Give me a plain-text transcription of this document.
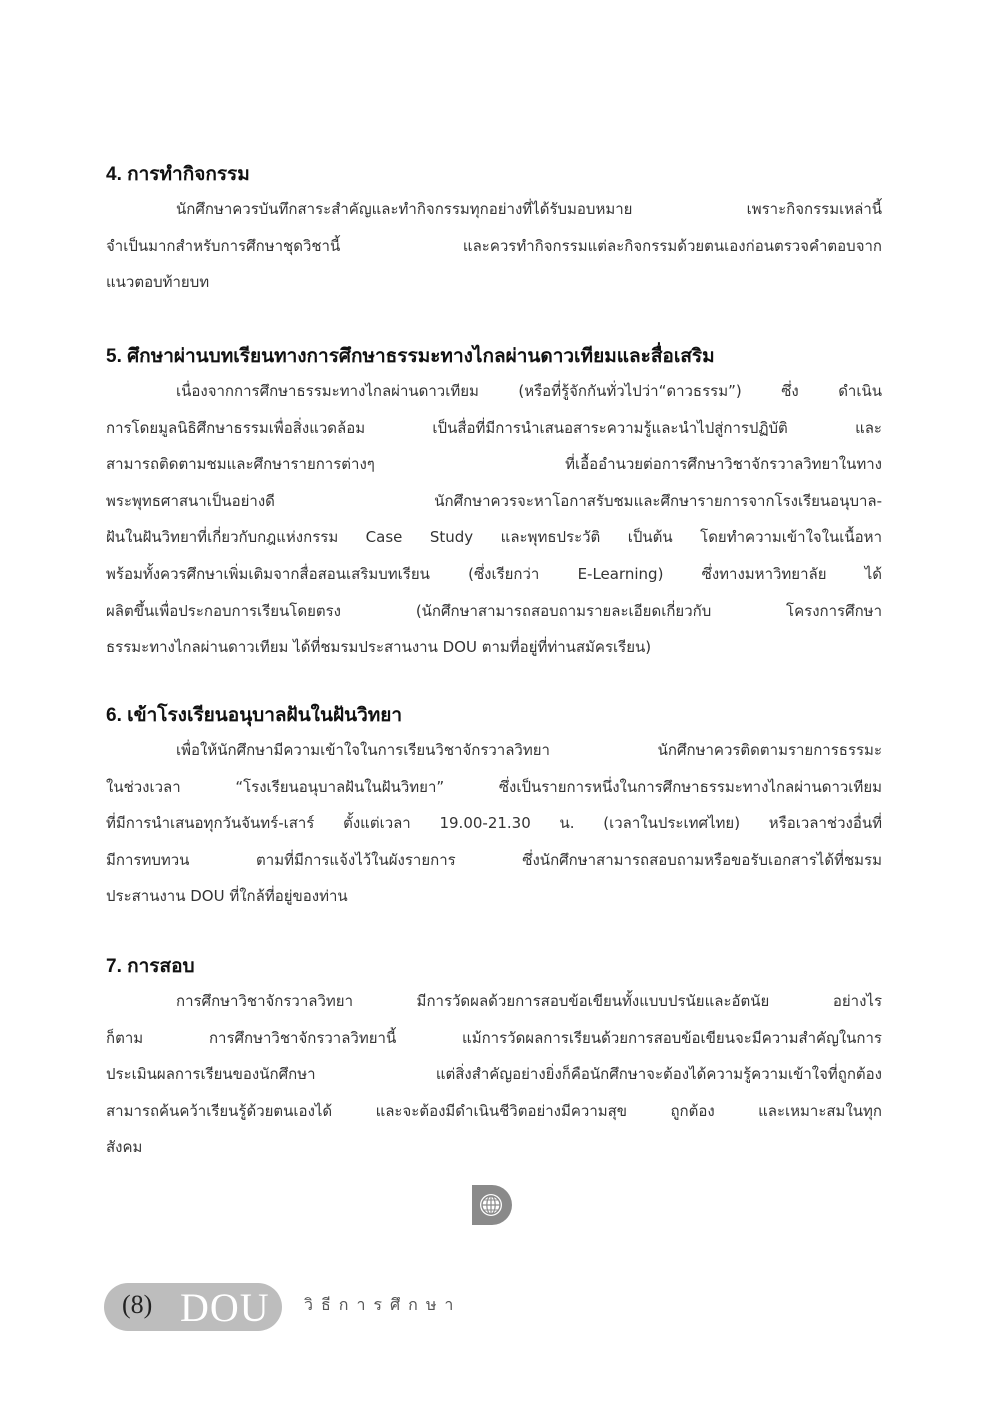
4. การทำกิจกรรม
นักศึกษาควรบันทึกสาระสำคัญและทำกิจกรรมทุกอย่างที่ได้รับมอบหมาย เพราะกิจกรรมเหล่านี้
จำเป็นมากสำหรับการศึกษาชุดวิชานี้ และควรทำกิจกรรมแต่ละกิจกรรมด้วยตนเองก่อนตรวจคำตอบจาก
แนวตอบท้ายบท
5. ศึกษาผ่านบทเรียนทางการศึกษาธรรมะทางไกลผ่านดาวเทียมและสื่อเสริม
เนื่องจากการศึกษาธรรมะทางไกลผ่านดาวเทียม (หรือที่รู้จักกันทั่วไปว่า“ดาวธรรม”) ซึ่ง ดำเนิน
การโดยมูลนิธิศึกษาธรรมเพื่อสิ่งแวดล้อม เป็นสื่อที่มีการนำเสนอสาระความรู้และนำไปสู่การปฏิบัติ และ
สามารถติดตามชมและศึกษารายการต่างๆ ที่เอื้ออำนวยต่อการศึกษาวิชาจักรวาลวิทยาในทาง
พระพุทธศาสนาเป็นอย่างดี นักศึกษาควรจะหาโอกาสรับชมและศึกษารายการจากโรงเรียนอนุบาล-
ฝันในฝันวิทยาที่เกี่ยวกับกฎแห่งกรรม Case Study และพุทธประวัติ เป็นต้น โดยทำความเข้าใจในเนื้อหา
พร้อมทั้งควรศึกษาเพิ่มเติมจากสื่อสอนเสริมบทเรียน (ซึ่งเรียกว่า E-Learning) ซึ่งทางมหาวิทยาลัย ได้
ผลิตขึ้นเพื่อประกอบการเรียนโดยตรง (นักศึกษาสามารถสอบถามรายละเอียดเกี่ยวกับ โครงการศึกษา
ธรรมะทางไกลผ่านดาวเทียม ได้ที่ชมรมประสานงาน DOU ตามที่อยู่ที่ท่านสมัครเรียน)
6. เข้าโรงเรียนอนุบาลฝันในฝันวิทยา
เพื่อให้นักศึกษามีความเข้าใจในการเรียนวิชาจักรวาลวิทยา นักศึกษาควรติดตามรายการธรรมะ
ในช่วงเวลา “โรงเรียนอนุบาลฝันในฝันวิทยา” ซึ่งเป็นรายการหนึ่งในการศึกษาธรรมะทางไกลผ่านดาวเทียม
ที่มีการนำเสนอทุกวันจันทร์-เสาร์ ตั้งแต่เวลา 19.00-21.30 น. (เวลาในประเทศไทย) หรือเวลาช่วงอื่นที่
มีการทบทวน ตามที่มีการแจ้งไว้ในผังรายการ ซึ่งนักศึกษาสามารถสอบถามหรือขอรับเอกสารได้ที่ชมรม
ประสานงาน DOU ที่ใกล้ที่อยู่ของท่าน
7. การสอบ
การศึกษาวิชาจักรวาลวิทยา มีการวัดผลด้วยการสอบข้อเขียนทั้งแบบปรนัยและอัตนัย อย่างไร
ก็ตาม การศึกษาวิชาจักรวาลวิทยานี้ แม้การวัดผลการเรียนด้วยการสอบข้อเขียนจะมีความสำคัญในการ
ประเมินผลการเรียนของนักศึกษา แต่สิ่งสำคัญอย่างยิ่งก็คือนักศึกษาจะต้องได้ความรู้ความเข้าใจที่ถูกต้อง
สามารถค้นคว้าเรียนรู้ด้วยตนเองได้ และจะต้องมีดำเนินชีวิตอย่างมีความสุข ถูกต้อง และเหมาะสมในทุก
สังคม
(8) DOU วิธีการศึกษา
